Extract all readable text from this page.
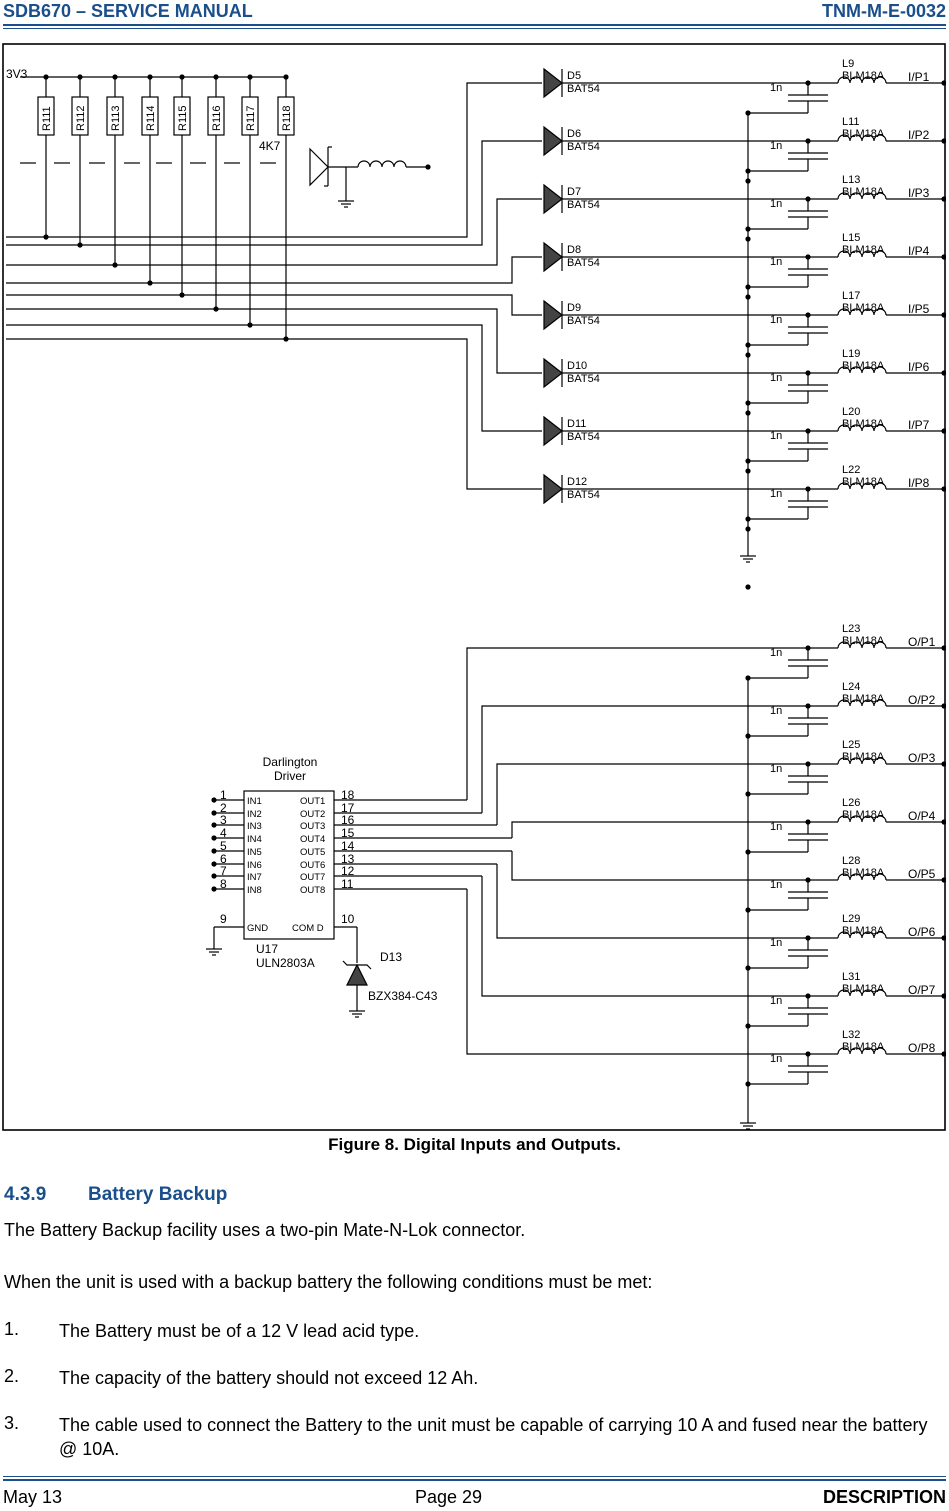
SDB670 – SERVICE MANUAL	TNM-M-E-0032
3V3
R111 R112 R113 R114 R115 R116 R117 R118
4K7
D5
BAT54
L9
BLM18A I/P1
1n
D6
BAT54
L11
BLM18A I/P2
1n
D7
BAT54
L13
BLM18A I/P3
1n
D8
BAT54
L15
BLM18A I/P4
1n
D9
BAT54
L17
BLM18A I/P5
1n
D10
BAT54
L19
BLM18A I/P6
1n
D11
BAT54
L20
BLM18A I/P7
1n
D12
BAT54
L22
BLM18A I/P8
1n
L23
BLM18A O/P1
1n
L24
BLM18A O/P2
1n
L25
BLM18A O/P3
1n
L26
BLM18A O/P4
1n
L28
BLM18A O/P5
1n
L29
BLM18A O/P6
1n
L31
BLM18A O/P7
1n
L32
BLM18A O/P8
1n
Darlington
Driver
1 IN1	OUT1 18
2 IN2	OUT2 17
3 IN3	OUT3 16
4 IN4	OUT4 15
5 IN5	OUT5 14
6 IN6	OUT6 13
7 IN7	OUT7 12
8 IN8	OUT8 11
9
GND	COM D
10
D13
BZX384-C43
U17
ULN2803A
Figure 8. Digital Inputs and Outputs.
4.3.9 Battery Backup
The Battery Backup facility uses a two-pin Mate-N-Lok connector.
When the unit is used with a backup battery the following conditions must be met:
1. The Battery must be of a 12 V lead acid type.
2. The capacity of the battery should not exceed 12 Ah.
3. The cable used to connect the Battery to the unit must be capable of carrying 10 A and fused near the battery @ 10A.
May 13	Page 29	DESCRIPTION
